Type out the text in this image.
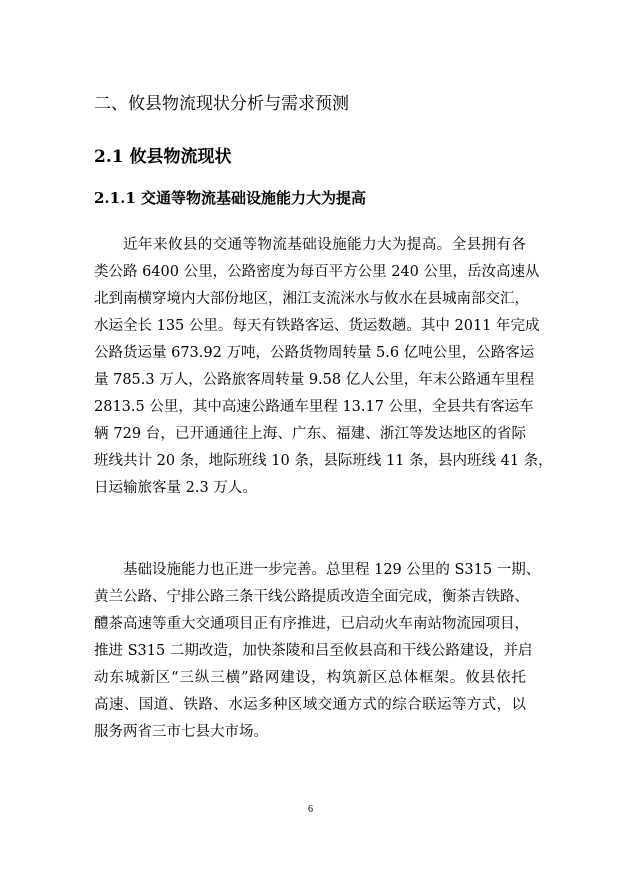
二、攸县物流现状分析与需求预测
2.1 攸县物流现状
2.1.1 交通等物流基础设施能力大为提高
近年来攸县的交通等物流基础设施能力大为提高。全县拥有各
类公路 6400 公里，公路密度为每百平方公里 240 公里，岳汝高速从
北到南横穿境内大部份地区，湘江支流洣水与攸水在县城南部交汇，
水运全长 135 公里。每天有铁路客运、货运数趟。其中 2011 年完成
公路货运量 673.92 万吨，公路货物周转量 5.6 亿吨公里，公路客运
量 785.3 万人，公路旅客周转量 9.58 亿人公里，年末公路通车里程
2813.5 公里，其中高速公路通车里程 13.17 公里，全县共有客运车
辆 729 台，已开通通往上海、广东、福建、浙江等发达地区的省际
班线共计 20 条，地际班线 10 条，县际班线 11 条，县内班线 41 条，
日运输旅客量 2.3 万人。
基础设施能力也正进一步完善。总里程 129 公里的 S315 一期、
黄兰公路、宁排公路三条干线公路提质改造全面完成，衡茶吉铁路、
醴茶高速等重大交通项目正有序推进，已启动火车南站物流园项目，
推进 S315 二期改造，加快茶陵和吕至攸县高和干线公路建设，并启
动东城新区“三纵三横”路网建设，构筑新区总体框架。攸县依托
高速、国道、铁路、水运多种区域交通方式的综合联运等方式，以
服务两省三市七县大市场。
6
